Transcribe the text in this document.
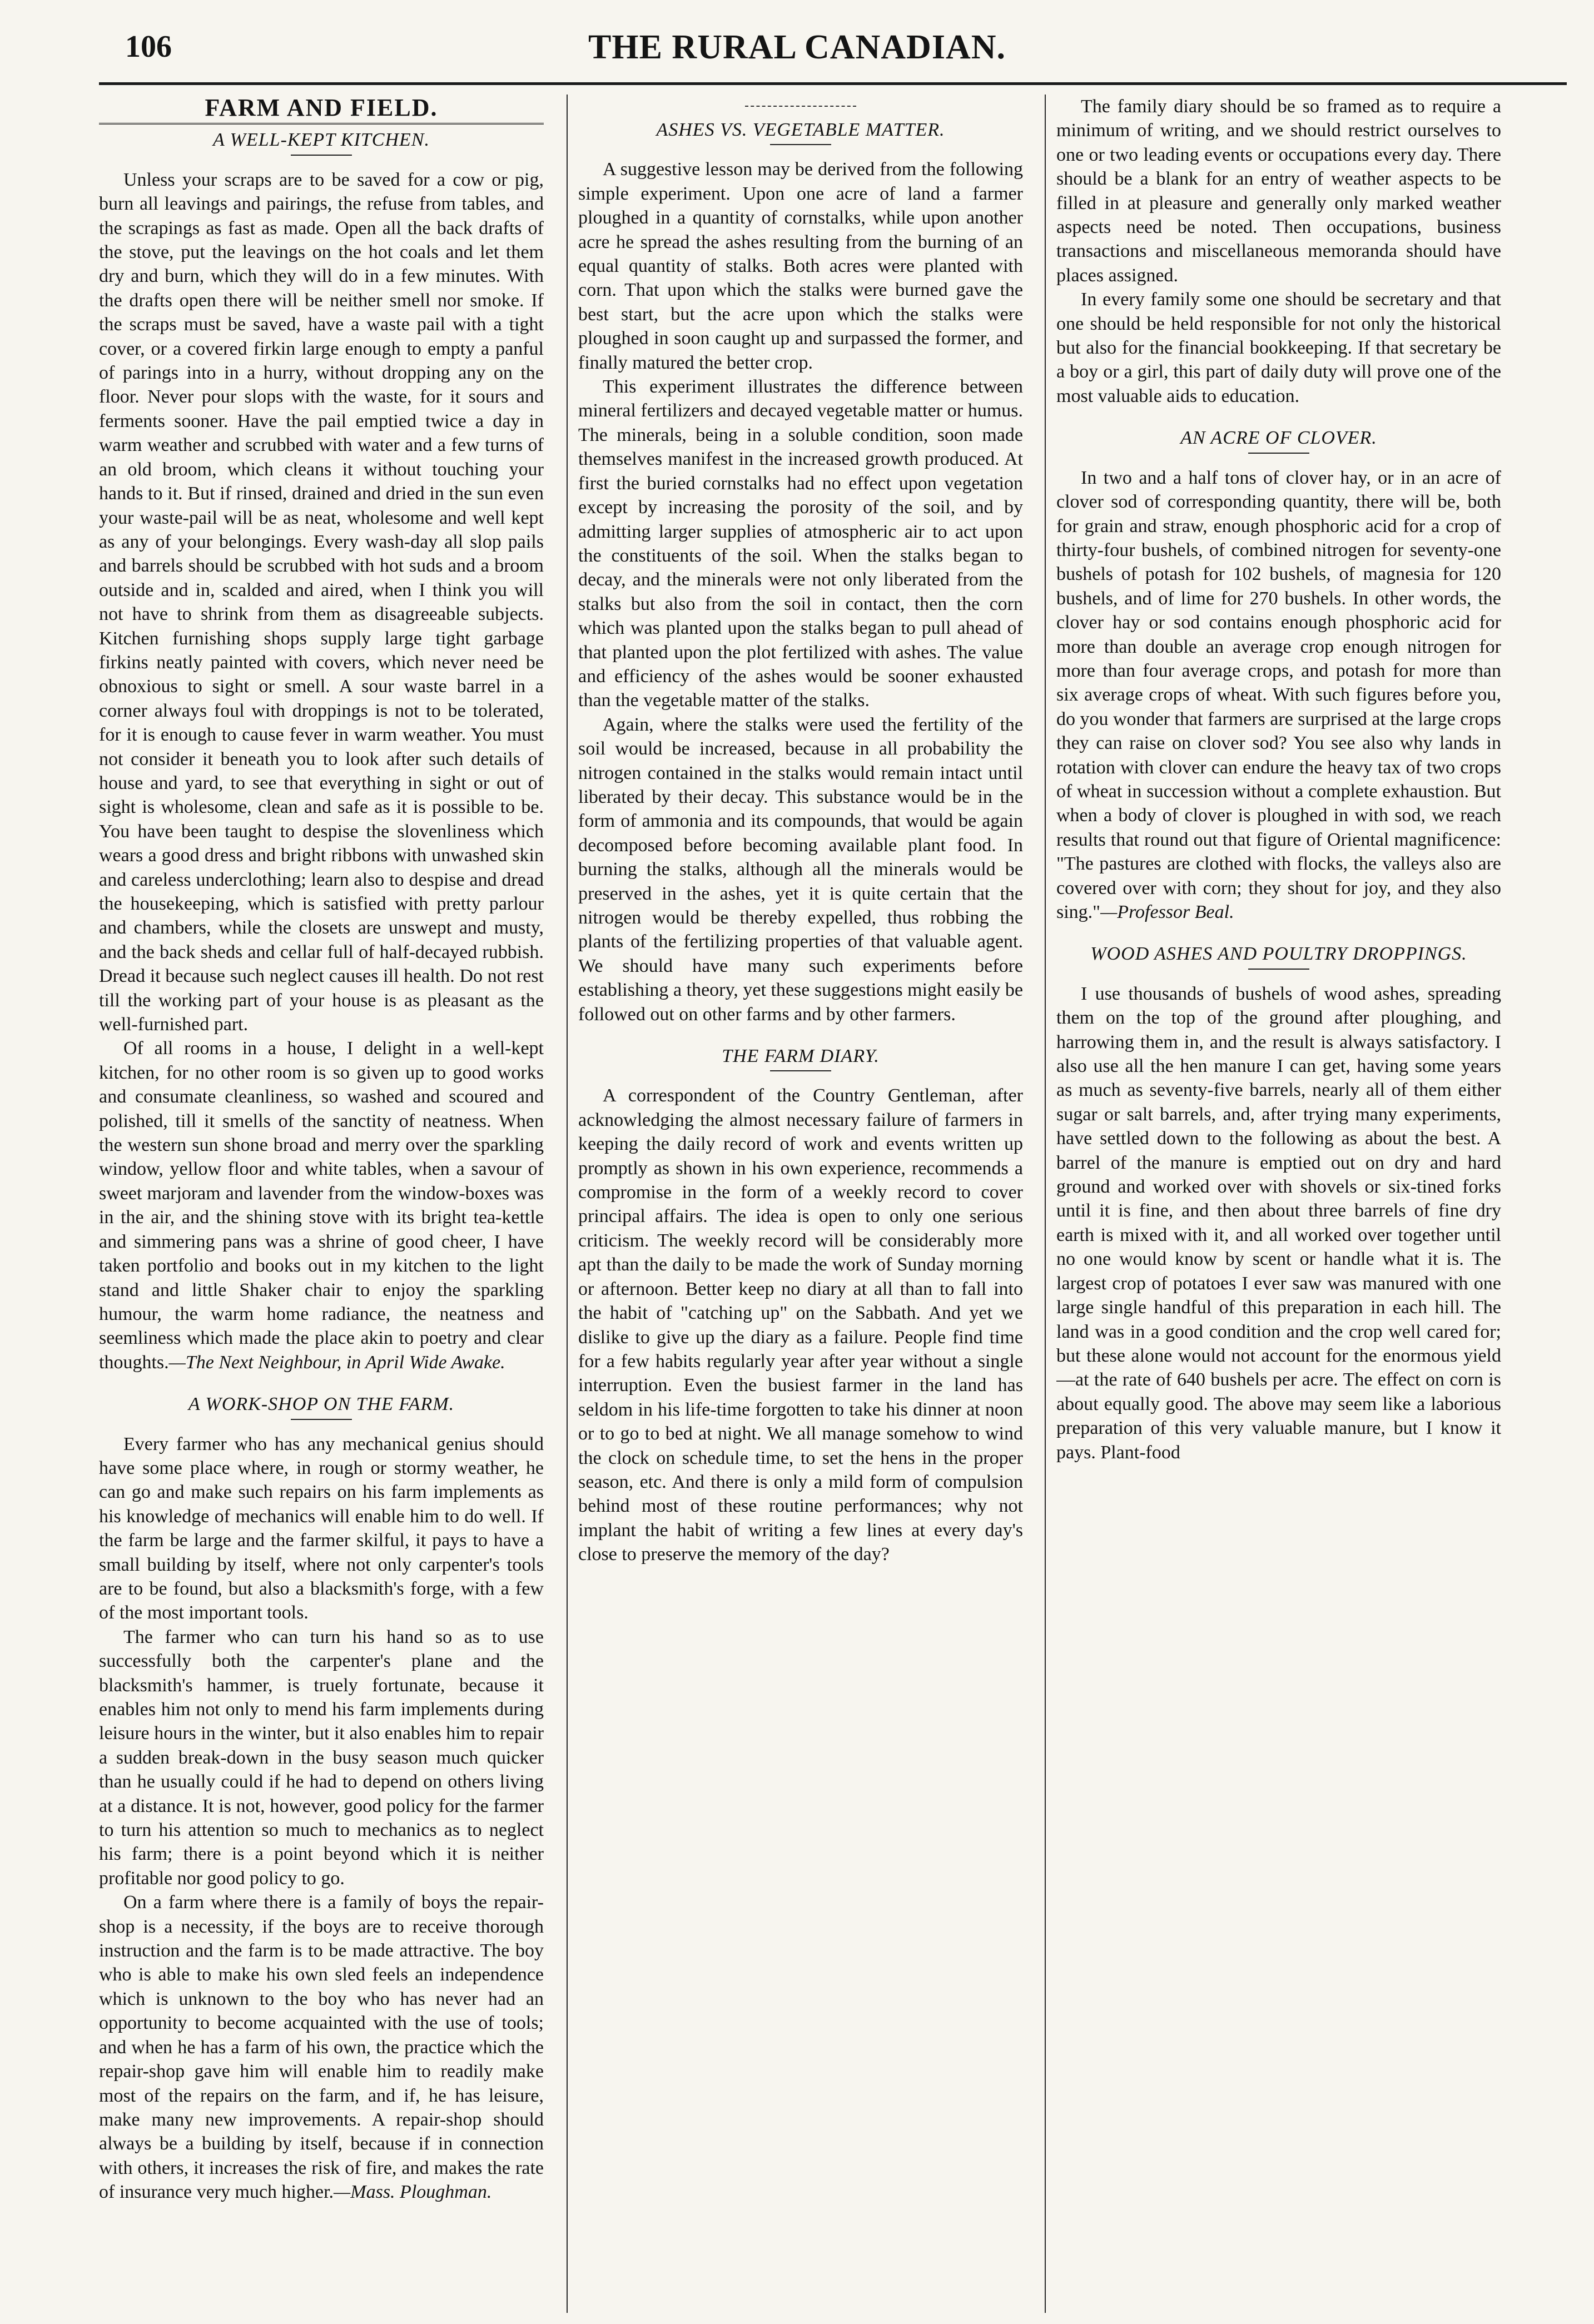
106	THE RURAL CANADIAN.
FARM AND FIELD.
A WELL-KEPT KITCHEN.

Unless your scraps are to be saved for a cow or pig, burn all leavings and pairings, the refuse from tables, and the scrapings as fast as made. Open all the back drafts of the stove, put the leavings on the hot coals and let them dry and burn, which they will do in a few minutes. With the drafts open there will be neither smell nor smoke. If the scraps must be saved, have a waste pail with a tight cover, or a covered firkin large enough to empty a panful of parings into in a hurry, without dropping any on the floor. Never pour slops with the waste, for it sours and ferments sooner. Have the pail emptied twice a day in warm weather and scrubbed with water and a few turns of an old broom, which cleans it without touching your hands to it. But if rinsed, drained and dried in the sun even your waste-pail will be as neat, wholesome and well kept as any of your belongings. Every wash-day all slop pails and barrels should be scrubbed with hot suds and a broom outside and in, scalded and aired, when I think you will not have to shrink from them as disagreeable subjects. Kitchen furnishing shops supply large tight garbage firkins neatly painted with covers, which never need be obnoxious to sight or smell. A sour waste barrel in a corner always foul with droppings is not to be tolerated, for it is enough to cause fever in warm weather. You must not consider it beneath you to look after such details of house and yard, to see that everything in sight or out of sight is wholesome, clean and safe as it is possible to be. You have been taught to despise the slovenliness which wears a good dress and bright ribbons with unwashed skin and careless underclothing; learn also to despise and dread the housekeeping, which is satisfied with pretty parlour and chambers, while the closets are unswept and musty, and the back sheds and cellar full of half-decayed rubbish. Dread it because such neglect causes ill health. Do not rest till the working part of your house is as pleasant as the well-furnished part.

Of all rooms in a house, I delight in a well-kept kitchen, for no other room is so given up to good works and consumate cleanliness, so washed and scoured and polished, till it smells of the sanctity of neatness. When the western sun shone broad and merry over the sparkling window, yellow floor and white tables, when a savour of sweet marjoram and lavender from the window-boxes was in the air, and the shining stove with its bright tea-kettle and simmering pans was a shrine of good cheer, I have taken portfolio and books out in my kitchen to the light stand and little Shaker chair to enjoy the sparkling humour, the warm home radiance, the neatness and seemliness which made the place akin to poetry and clear thoughts.—The Next Neighbour, in April Wide Awake.

A WORK-SHOP ON THE FARM.

Every farmer who has any mechanical genius should have some place where, in rough or stormy weather, he can go and make such repairs on his farm implements as his knowledge of mechanics will enable him to do well. If the farm be large and the farmer skilful, it pays to have a small building by itself, where not only carpenter's tools are to be found, but also a blacksmith's forge, with a few of the most important tools.

The farmer who can turn his hand so as to use successfully both the carpenter's plane and the blacksmith's hammer, is truely fortunate, because it enables him not only to mend his farm implements during leisure hours in the winter, but it also enables him to repair a sudden break-down in the busy season much quicker than he usually could if he had to depend on others living at a distance. It is not, however, good policy for the farmer to turn his attention so much to mechanics as to neglect his farm; there is a point beyond which it is neither profitable nor good policy to go.

On a farm where there is a family of boys the repair-shop is a necessity, if the boys are to receive thorough instruction and the farm is to be made attractive. The boy who is able to make his own sled feels an independence which is unknown to the boy who has never had an opportunity to become acquainted with the use of tools; and when he has a farm of his own, the practice which the repair-shop gave him will enable him to readily make most of the repairs on the farm, and if, he has leisure, make many new improvements. A repair-shop should always be a building by itself, because if in connection with others, it increases the risk of fire, and makes the rate of insurance very much higher.—Mass. Ploughman.

ASHES VS. VEGETABLE MATTER.

A suggestive lesson may be derived from the following simple experiment. Upon one acre of land a farmer ploughed in a quantity of cornstalks, while upon another acre he spread the ashes resulting from the burning of an equal quantity of stalks. Both acres were planted with corn. That upon which the stalks were burned gave the best start, but the acre upon which the stalks were ploughed in soon caught up and surpassed the former, and finally matured the better crop.

This experiment illustrates the difference between mineral fertilizers and decayed vegetable matter or humus. The minerals, being in a soluble condition, soon made themselves manifest in the increased growth produced. At first the buried cornstalks had no effect upon vegetation except by increasing the porosity of the soil, and by admitting larger supplies of atmospheric air to act upon the constituents of the soil. When the stalks began to decay, and the minerals were not only liberated from the stalks but also from the soil in contact, then the corn which was planted upon the stalks began to pull ahead of that planted upon the plot fertilized with ashes. The value and efficiency of the ashes would be sooner exhausted than the vegetable matter of the stalks.

Again, where the stalks were used the fertility of the soil would be increased, because in all probability the nitrogen contained in the stalks would remain intact until liberated by their decay. This substance would be in the form of ammonia and its compounds, that would be again decomposed before becoming available plant food. In burning the stalks, although all the minerals would be preserved in the ashes, yet it is quite certain that the nitrogen would be thereby expelled, thus robbing the plants of the fertilizing properties of that valuable agent. We should have many such experiments before establishing a theory, yet these suggestions might easily be followed out on other farms and by other farmers.

THE FARM DIARY.

A correspondent of the Country Gentleman, after acknowledging the almost necessary failure of farmers in keeping the daily record of work and events written up promptly as shown in his own experience, recommends a compromise in the form of a weekly record to cover principal affairs. The idea is open to only one serious criticism. The weekly record will be considerably more apt than the daily to be made the work of Sunday morning or afternoon. Better keep no diary at all than to fall into the habit of "catching up" on the Sabbath. And yet we dislike to give up the diary as a failure. People find time for a few habits regularly year after year without a single interruption. Even the busiest farmer in the land has seldom in his life-time forgotten to take his dinner at noon or to go to bed at night. We all manage somehow to wind the clock on schedule time, to set the hens in the proper season, etc. And there is only a mild form of compulsion behind most of these routine performances; why not implant the habit of writing a few lines at every day's close to preserve the memory of the day?

The family diary should be so framed as to require a minimum of writing, and we should restrict ourselves to one or two leading events or occupations every day. There should be a blank for an entry of weather aspects to be filled in at pleasure and generally only marked weather aspects need be noted. Then occupations, business transactions and miscellaneous memoranda should have places assigned.

In every family some one should be secretary and that one should be held responsible for not only the historical but also for the financial bookkeeping. If that secretary be a boy or a girl, this part of daily duty will prove one of the most valuable aids to education.

AN ACRE OF CLOVER.

In two and a half tons of clover hay, or in an acre of clover sod of corresponding quantity, there will be, both for grain and straw, enough phosphoric acid for a crop of thirty-four bushels, of combined nitrogen for seventy-one bushels of potash for 102 bushels, of magnesia for 120 bushels, and of lime for 270 bushels. In other words, the clover hay or sod contains enough phosphoric acid for more than double an average crop enough nitrogen for more than four average crops, and potash for more than six average crops of wheat. With such figures before you, do you wonder that farmers are surprised at the large crops they can raise on clover sod? You see also why lands in rotation with clover can endure the heavy tax of two crops of wheat in succession without a complete exhaustion. But when a body of clover is ploughed in with sod, we reach results that round out that figure of Oriental magnificence: "The pastures are clothed with flocks, the valleys also are covered over with corn; they shout for joy, and they also sing."—Professor Beal.

WOOD ASHES AND POULTRY DROPPINGS.

I use thousands of bushels of wood ashes, spreading them on the top of the ground after ploughing, and harrowing them in, and the result is always satisfactory. I also use all the hen manure I can get, having some years as much as seventy-five barrels, nearly all of them either sugar or salt barrels, and, after trying many experiments, have settled down to the following as about the best. A barrel of the manure is emptied out on dry and hard ground and worked over with shovels or six-tined forks until it is fine, and then about three barrels of fine dry earth is mixed with it, and all worked over together until no one would know by scent or handle what it is. The largest crop of potatoes I ever saw was manured with one large single handful of this preparation in each hill. The land was in a good condition and the crop well cared for; but these alone would not account for the enormous yield—at the rate of 640 bushels per acre. The effect on corn is about equally good. The above may seem like a laborious preparation of this very valuable manure, but I know it pays. Plant-food
